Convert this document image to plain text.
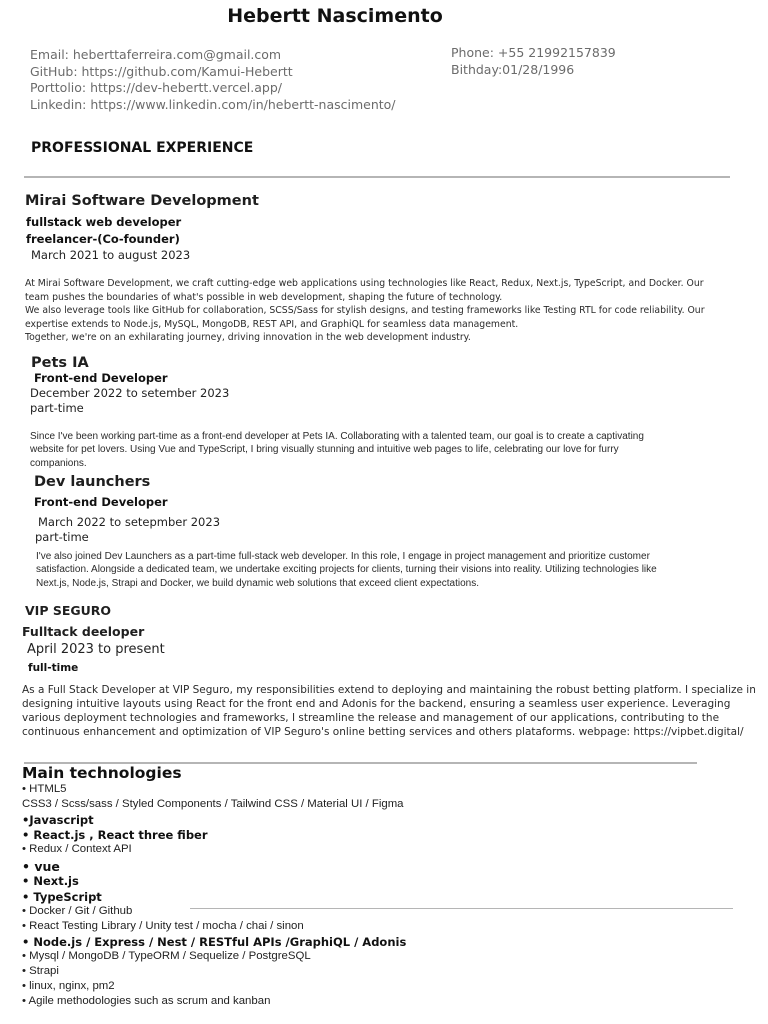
Hebertt Nascimento
Email: heberttaferreira.com@gmail.com
GitHub: https://github.com/Kamui-Hebertt
Porttolio: https://dev-hebertt.vercel.app/
Linkedin: https://www.linkedin.com/in/hebertt-nascimento/
Phone: +55 21992157839
Bithday:01/28/1996
PROFESSIONAL EXPERIENCE
Mirai Software Development
fullstack web developer
freelancer-(Co-founder)
March 2021 to august 2023
At Mirai Software Development, we craft cutting-edge web applications using technologies like React, Redux, Next.js, TypeScript, and Docker. Our team pushes the boundaries of what's possible in web development, shaping the future of technology.
We also leverage tools like GitHub for collaboration, SCSS/Sass for stylish designs, and testing frameworks like Testing RTL for code reliability. Our expertise extends to Node.js, MySQL, MongoDB, REST API, and GraphiQL for seamless data management.
Together, we're on an exhilarating journey, driving innovation in the web development industry.
Pets IA
Front-end Developer
December 2022 to setember 2023
part-time
Since I've been working part-time as a front-end developer at Pets IA. Collaborating with a talented team, our goal is to create a captivating website for pet lovers. Using Vue and TypeScript, I bring visually stunning and intuitive web pages to life, celebrating our love for furry companions.
Dev launchers
Front-end Developer
March 2022 to setepmber 2023
part-time
I've also joined Dev Launchers as a part-time full-stack web developer. In this role, I engage in project management and prioritize customer satisfaction. Alongside a dedicated team, we undertake exciting projects for clients, turning their visions into reality. Utilizing technologies like Next.js, Node.js, Strapi and Docker, we build dynamic web solutions that exceed client expectations.
VIP SEGURO
Fulltack deeloper
April 2023 to present
full-time
As a Full Stack Developer at VIP Seguro, my responsibilities extend to deploying and maintaining the robust betting platform. I specialize in designing intuitive layouts using React for the front end and Adonis for the backend, ensuring a seamless user experience. Leveraging various deployment technologies and frameworks, I streamline the release and management of our applications, contributing to the continuous enhancement and optimization of VIP Seguro's online betting services and others plataforms. webpage: https://vipbet.digital/
Main technologies
• HTML5
CSS3 / Scss/sass / Styled Components / Tailwind CSS / Material UI / Figma
•Javascript
• React.js , React three fiber
• Redux / Context API
• vue
• Next.js
• TypeScript
• Docker / Git / Github
• React Testing Library / Unity test / mocha / chai / sinon
• Node.js / Express / Nest / RESTful APIs /GraphiQL / Adonis
• Mysql / MongoDB / TypeORM / Sequelize / PostgreSQL
• Strapi
• linux, nginx, pm2
• Agile methodologies such as scrum and kanban
